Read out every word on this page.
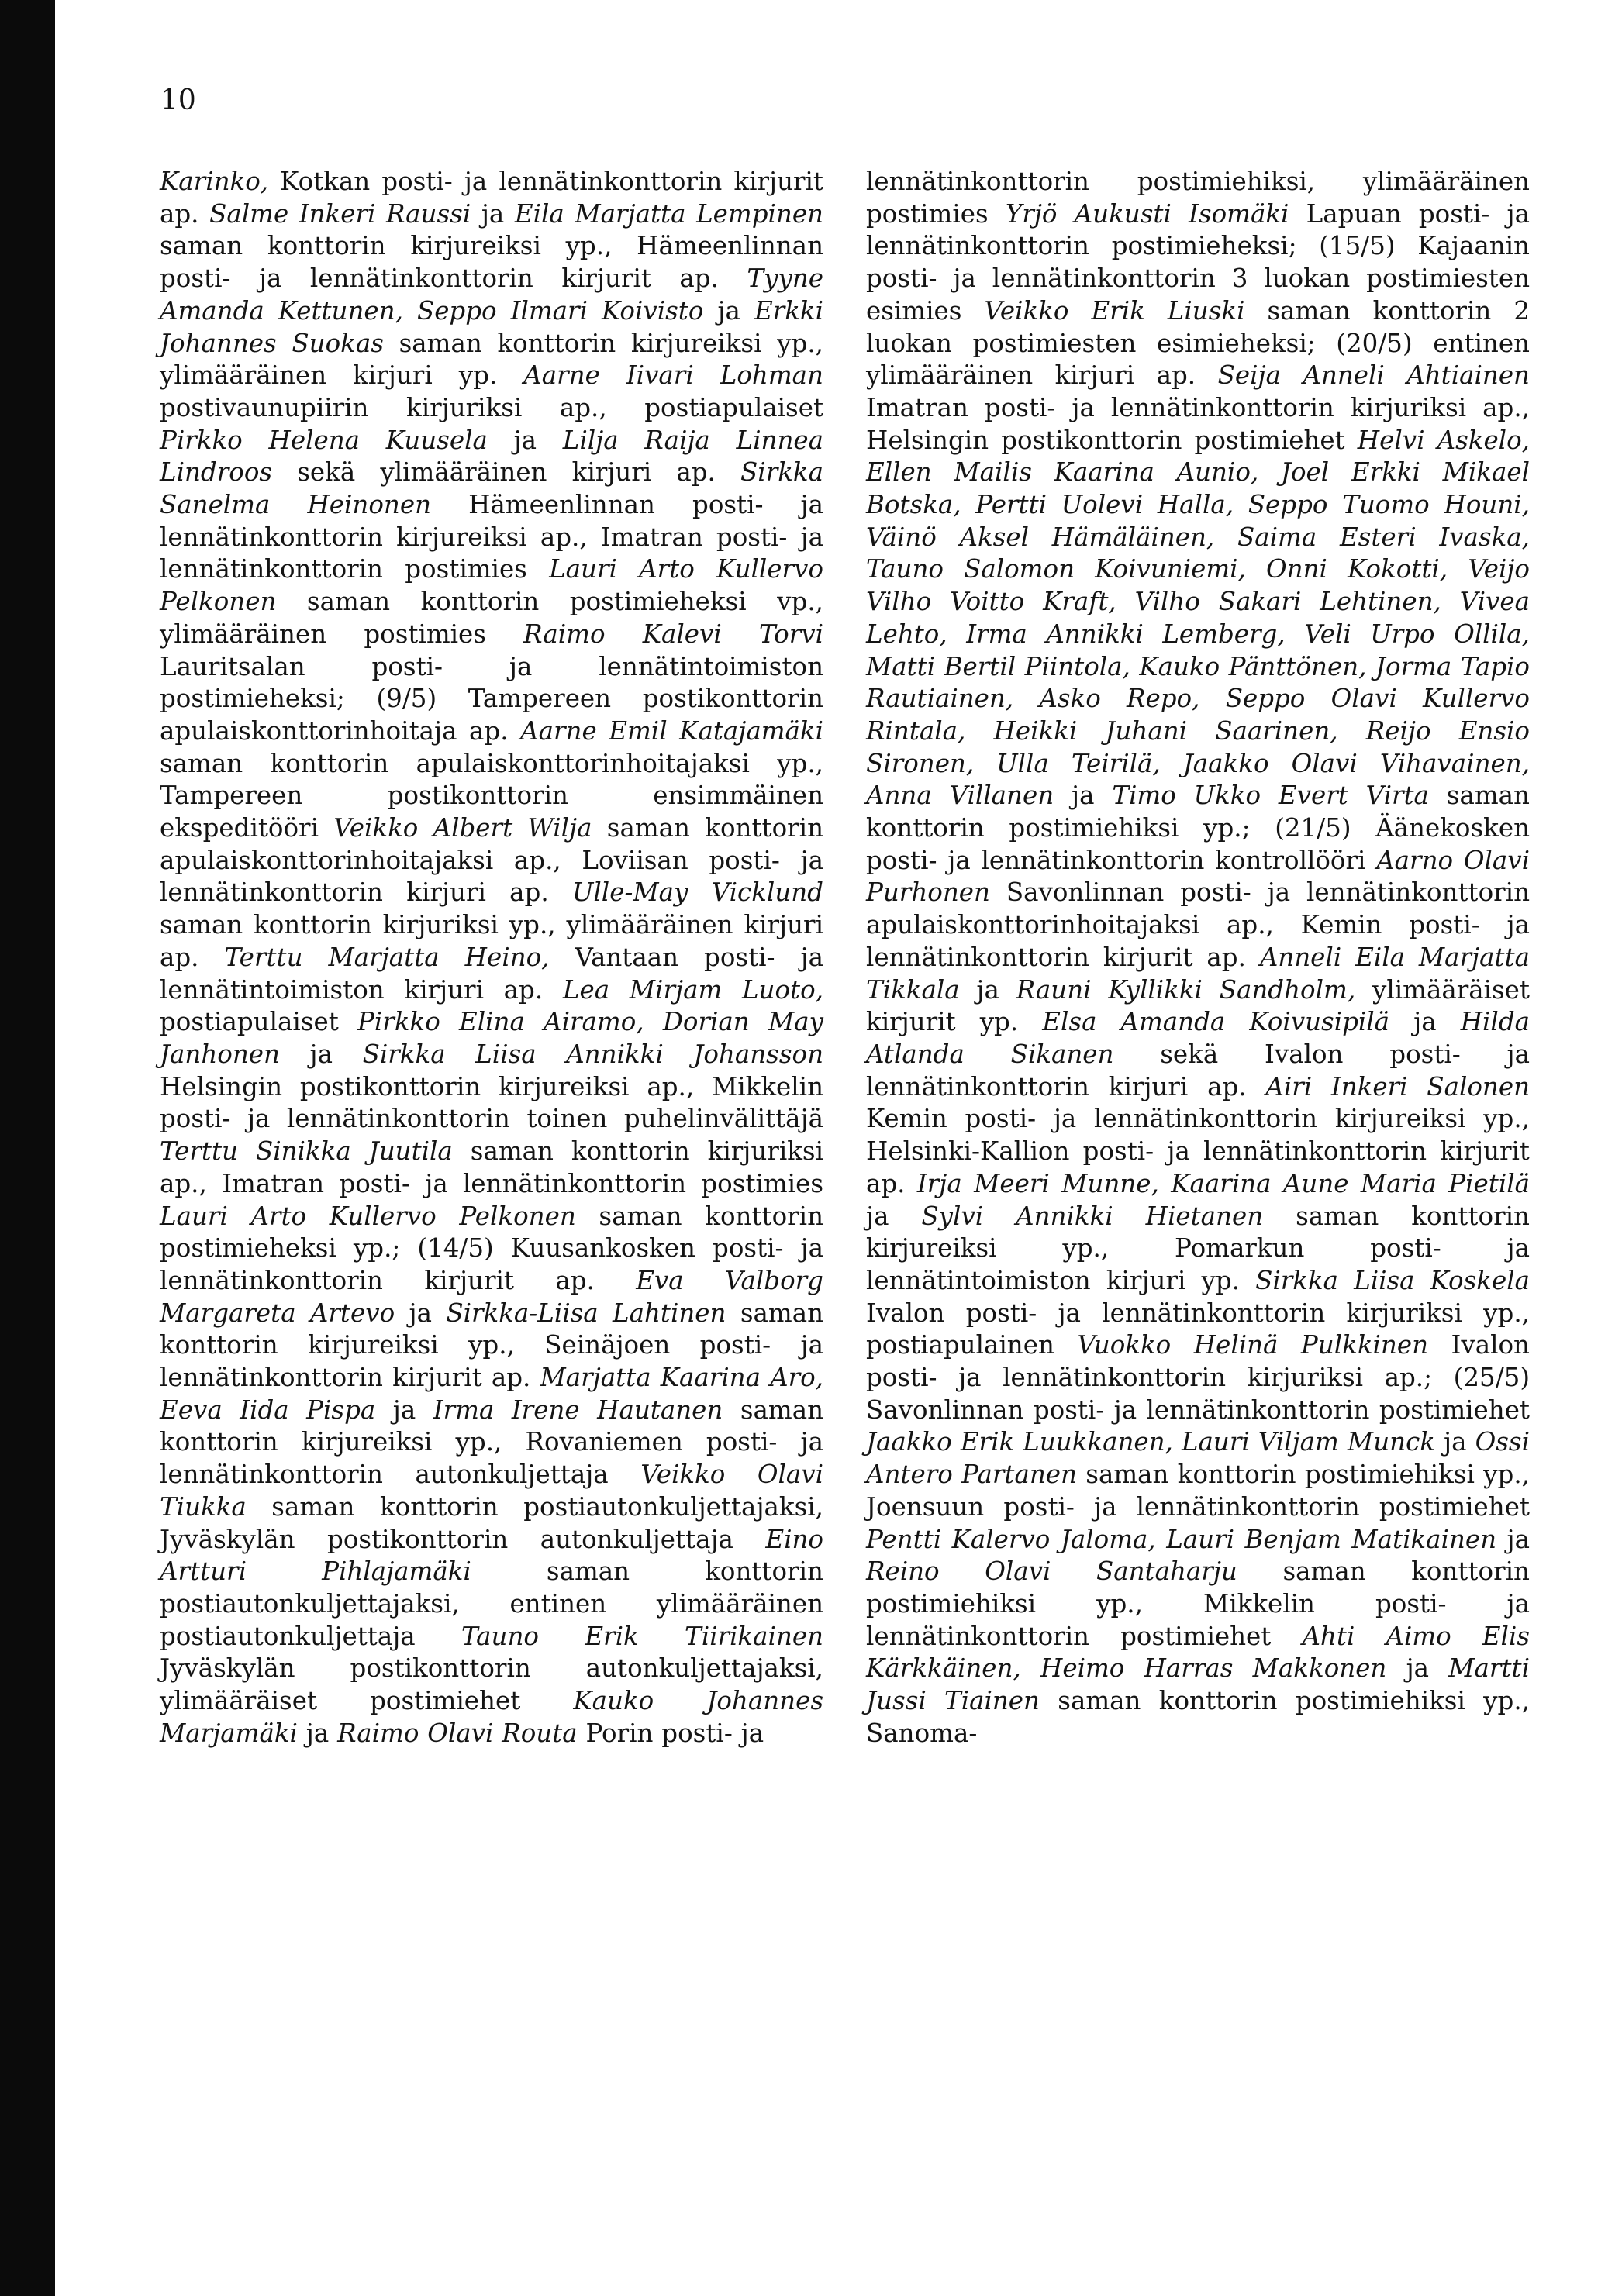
10

Karinko, Kotkan posti- ja lennätinkonttorin kirjurit ap. Salme Inkeri Raussi ja Eila Marjatta Lempinen saman konttorin kirjureiksi yp., Hämeenlinnan posti- ja lennätinkonttorin kirjurit ap. Tyyne Amanda Kettunen, Seppo Ilmari Koivisto ja Erkki Johannes Suokas saman konttorin kirjureiksi yp., ylimääräinen kirjuri yp. Aarne Iivari Lohman postivaunupiirin kirjuriksi ap., postiapulaiset Pirkko Helena Kuusela ja Lilja Raija Linnea Lindroos sekä ylimääräinen kirjuri ap. Sirkka Sanelma Heinonen Hämeenlinnan posti- ja lennätinkonttorin kirjureiksi ap., Imatran posti- ja lennätinkonttorin postimies Lauri Arto Kullervo Pelkonen saman konttorin postimieheksi vp., ylimääräinen postimies Raimo Kalevi Torvi Lauritsalan posti- ja lennätintoimiston postimieheksi; (9/5) Tampereen postikonttorin apulaiskonttorinhoitaja ap. Aarne Emil Katajamäki saman konttorin apulaiskonttorinhoitajaksi yp., Tampereen postikonttorin ensimmäinen ekspeditööri Veikko Albert Wilja saman konttorin apulaiskonttorinhoitajaksi ap., Loviisan posti- ja lennätinkonttorin kirjuri ap. Ulle-May Vicklund saman konttorin kirjuriksi yp., ylimääräinen kirjuri ap. Terttu Marjatta Heino, Vantaan posti- ja lennätintoimiston kirjuri ap. Lea Mirjam Luoto, postiapulaiset Pirkko Elina Airamo, Dorian May Janhonen ja Sirkka Liisa Annikki Johansson Helsingin postikonttorin kirjureiksi ap., Mikkelin posti- ja lennätinkonttorin toinen puhelinvälittäjä Terttu Sinikka Juutila saman konttorin kirjuriksi ap., Imatran posti- ja lennätinkonttorin postimies Lauri Arto Kullervo Pelkonen saman konttorin postimieheksi yp.; (14/5) Kuusankosken posti- ja lennätinkonttorin kirjurit ap. Eva Valborg Margareta Artevo ja Sirkka-Liisa Lahtinen saman konttorin kirjureiksi yp., Seinäjoen posti- ja lennätinkonttorin kirjurit ap. Marjatta Kaarina Aro, Eeva Iida Pispa ja Irma Irene Hautanen saman konttorin kirjureiksi yp., Rovaniemen posti- ja lennätinkonttorin autonkuljettaja Veikko Olavi Tiukka saman konttorin postiautonkuljettajaksi, Jyväskylän postikonttorin autonkuljettaja Eino Artturi Pihlajamäki saman konttorin postiautonkuljettajaksi, entinen ylimääräinen postiautonkuljettaja Tauno Erik Tiirikainen Jyväskylän postikonttorin autonkuljettajaksi, ylimääräiset postimiehet Kauko Johannes Marjamäki ja Raimo Olavi Routa Porin posti- ja

lennätinkonttorin postimiehiksi, ylimääräinen postimies Yrjö Aukusti Isomäki Lapuan posti- ja lennätinkonttorin postimieheksi; (15/5) Kajaanin posti- ja lennätinkonttorin 3 luokan postimiesten esimies Veikko Erik Liuski saman konttorin 2 luokan postimiesten esimieheksi; (20/5) entinen ylimääräinen kirjuri ap. Seija Anneli Ahtiainen Imatran posti- ja lennätinkonttorin kirjuriksi ap., Helsingin postikonttorin postimiehet Helvi Askelo, Ellen Mailis Kaarina Aunio, Joel Erkki Mikael Botska, Pertti Uolevi Halla, Seppo Tuomo Houni, Väinö Aksel Hämäläinen, Saima Esteri Ivaska, Tauno Salomon Koivuniemi, Onni Kokotti, Veijo Vilho Voitto Kraft, Vilho Sakari Lehtinen, Vivea Lehto, Irma Annikki Lemberg, Veli Urpo Ollila, Matti Bertil Piintola, Kauko Pänttönen, Jorma Tapio Rautiainen, Asko Repo, Seppo Olavi Kullervo Rintala, Heikki Juhani Saarinen, Reijo Ensio Sironen, Ulla Teirilä, Jaakko Olavi Vihavainen, Anna Villanen ja Timo Ukko Evert Virta saman konttorin postimiehiksi yp.; (21/5) Äänekosken posti- ja lennätinkonttorin kontrollööri Aarno Olavi Purhonen Savonlinnan posti- ja lennätinkonttorin apulaiskonttorinhoitajaksi ap., Kemin posti- ja lennätinkonttorin kirjurit ap. Anneli Eila Marjatta Tikkala ja Rauni Kyllikki Sandholm, ylimääräiset kirjurit yp. Elsa Amanda Koivusipilä ja Hilda Atlanda Sikanen sekä Ivalon posti- ja lennätinkonttorin kirjuri ap. Airi Inkeri Salonen Kemin posti- ja lennätinkonttorin kirjureiksi yp., Helsinki-Kallion posti- ja lennätinkonttorin kirjurit ap. Irja Meeri Munne, Kaarina Aune Maria Pietilä ja Sylvi Annikki Hietanen saman konttorin kirjureiksi yp., Pomarkun posti- ja lennätintoimiston kirjuri yp. Sirkka Liisa Koskela Ivalon posti- ja lennätinkonttorin kirjuriksi yp., postiapulainen Vuokko Helinä Pulkkinen Ivalon posti- ja lennätinkonttorin kirjuriksi ap.; (25/5) Savonlinnan posti- ja lennätinkonttorin postimiehet Jaakko Erik Luukkanen, Lauri Viljam Munck ja Ossi Antero Partanen saman konttorin postimiehiksi yp., Joensuun posti- ja lennätinkonttorin postimiehet Pentti Kalervo Jaloma, Lauri Benjam Matikainen ja Reino Olavi Santaharju saman konttorin postimiehiksi yp., Mikkelin posti- ja lennätinkonttorin postimiehet Ahti Aimo Elis Kärkkäinen, Heimo Harras Makkonen ja Martti Jussi Tiainen saman konttorin postimiehiksi yp., Sanoma-
